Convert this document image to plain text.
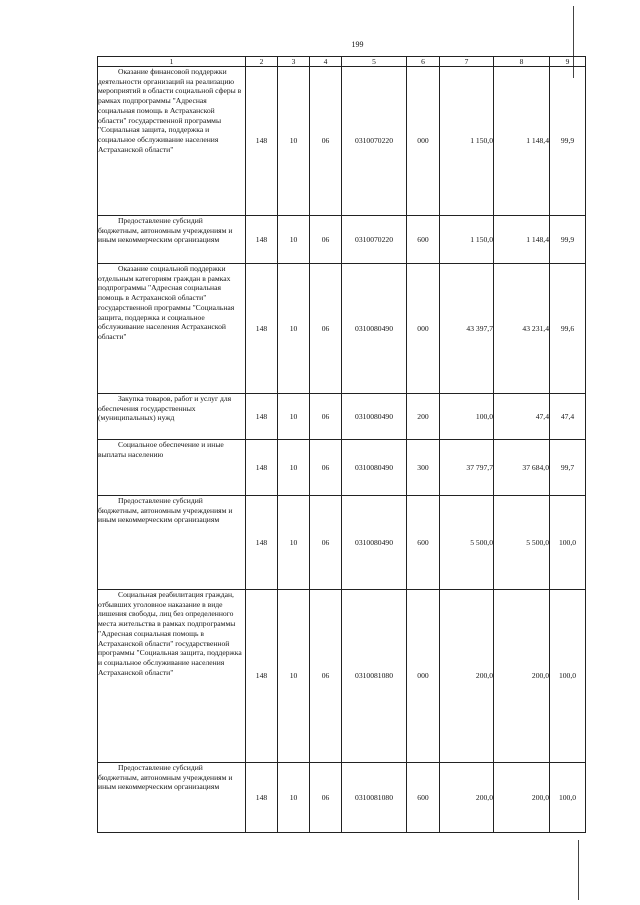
199
1	2	3	4	5	6	7	8	9

Оказание финансовой поддержки деятельности организаций на реализацию мероприятий в области социальной сферы в рамках подпрограммы "Адресная социальная помощь в Астраханской области" государственной программы "Социальная защита, поддержка и социальное обслуживание населения Астраханской области"	148	10	06	0310070220	000	1 150,0	1 148,4	99,9

Предоставление субсидий бюджетным, автономным учреждениям и иным некоммерческим организациям	148	10	06	0310070220	600	1 150,0	1 148,4	99,9

Оказание социальной поддержки отдельным категориям граждан в рамках подпрограммы "Адресная социальная помощь в Астраханской области" государственной программы "Социальная защита, поддержка и социальное обслуживание населения Астраханской области"	148	10	06	0310080490	000	43 397,7	43 231,4	99,6

Закупка товаров, работ и услуг для обеспечения государственных (муниципальных) нужд	148	10	06	0310080490	200	100,0	47,4	47,4

Социальное обеспечение и иные выплаты населению	148	10	06	0310080490	300	37 797,7	37 684,0	99,7

Предоставление субсидий бюджетным, автономным учреждениям и иным некоммерческим организациям	148	10	06	0310080490	600	5 500,0	5 500,0	100,0

Социальная реабилитация граждан, отбывших уголовное наказание в виде лишения свободы, лиц без определенного места жительства в рамках подпрограммы "Адресная социальная помощь в Астраханской области" государственной программы "Социальная защита, поддержка и социальное обслуживание населения Астраханской области"	148	10	06	0310081080	000	200,0	200,0	100,0

Предоставление субсидий бюджетным, автономным учреждениям и иным некоммерческим организациям	148	10	06	0310081080	600	200,0	200,0	100,0
